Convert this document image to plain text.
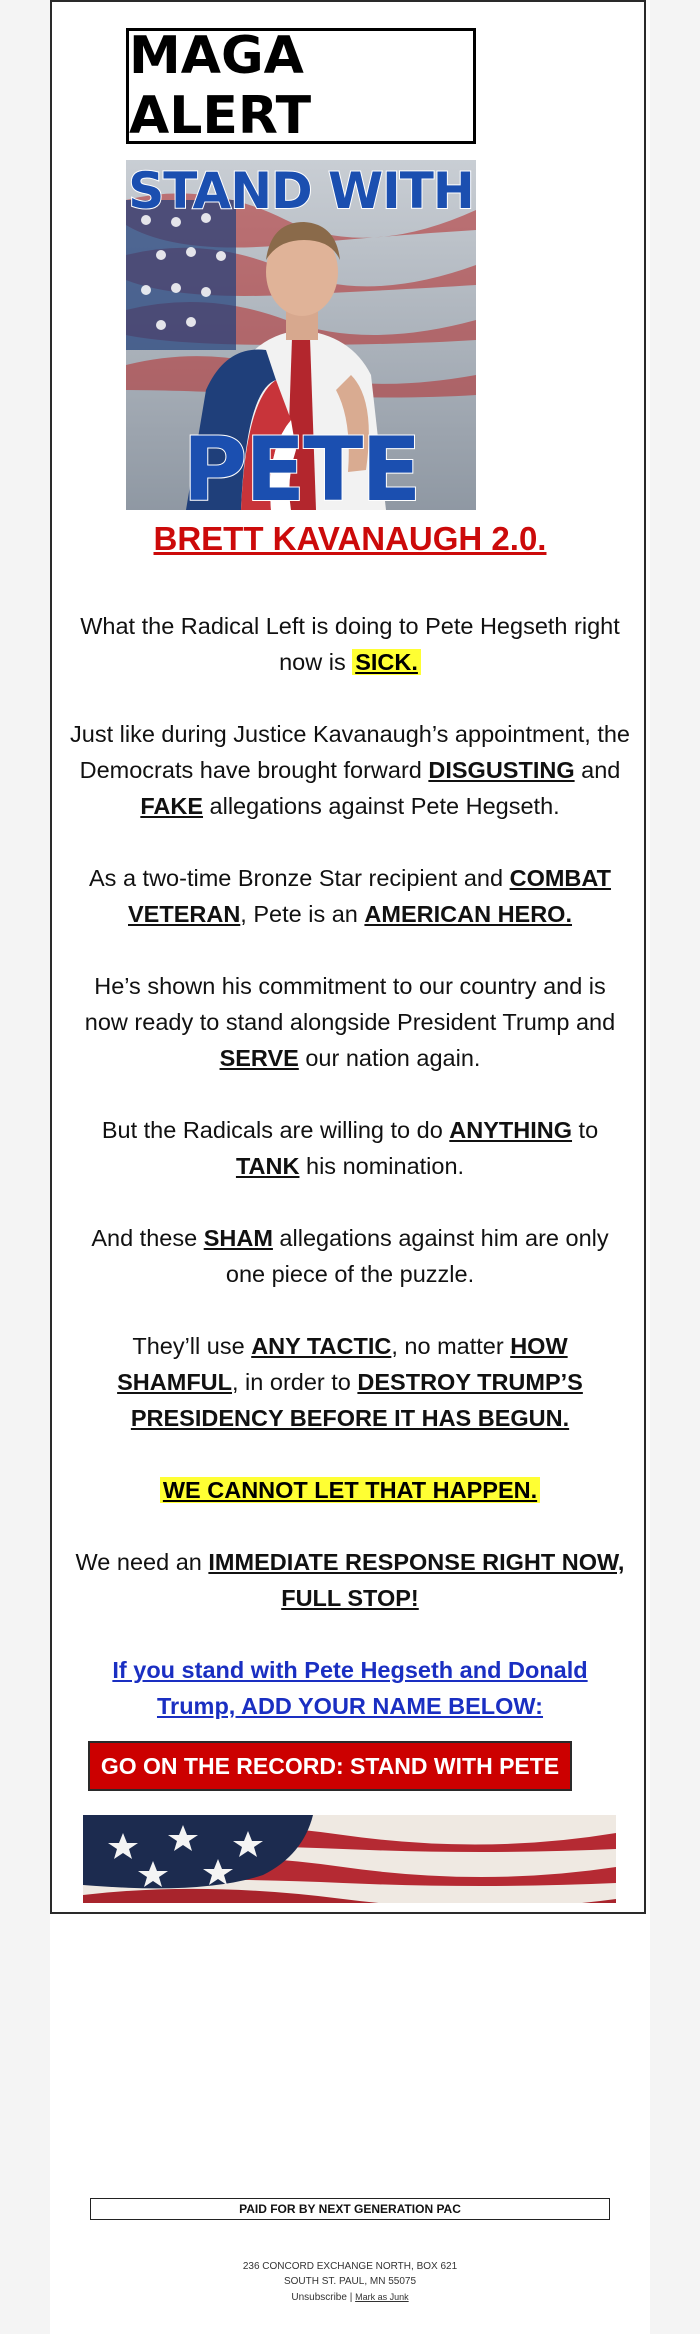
MAGA ALERT
STAND WITH
PETE
BRETT KAVANAUGH 2.0.
What the Radical Left is doing to Pete Hegseth right now is SICK.
Just like during Justice Kavanaugh’s appointment, the Democrats have brought forward DISGUSTING and FAKE allegations against Pete Hegseth.
As a two-time Bronze Star recipient and COMBAT VETERAN, Pete is an AMERICAN HERO.
He’s shown his commitment to our country and is now ready to stand alongside President Trump and SERVE our nation again.
But the Radicals are willing to do ANYTHING to TANK his nomination.
And these SHAM allegations against him are only one piece of the puzzle.
They’ll use ANY TACTIC, no matter HOW SHAMFUL, in order to DESTROY TRUMP’S PRESIDENCY BEFORE IT HAS BEGUN.
WE CANNOT LET THAT HAPPEN.
We need an IMMEDIATE RESPONSE RIGHT NOW, FULL STOP!
If you stand with Pete Hegseth and Donald Trump, ADD YOUR NAME BELOW:
GO ON THE RECORD: STAND WITH PETE
PAID FOR BY NEXT GENERATION PAC
236 CONCORD EXCHANGE NORTH, BOX 621
SOUTH ST. PAUL, MN 55075
Unsubscribe | Mark as Junk
